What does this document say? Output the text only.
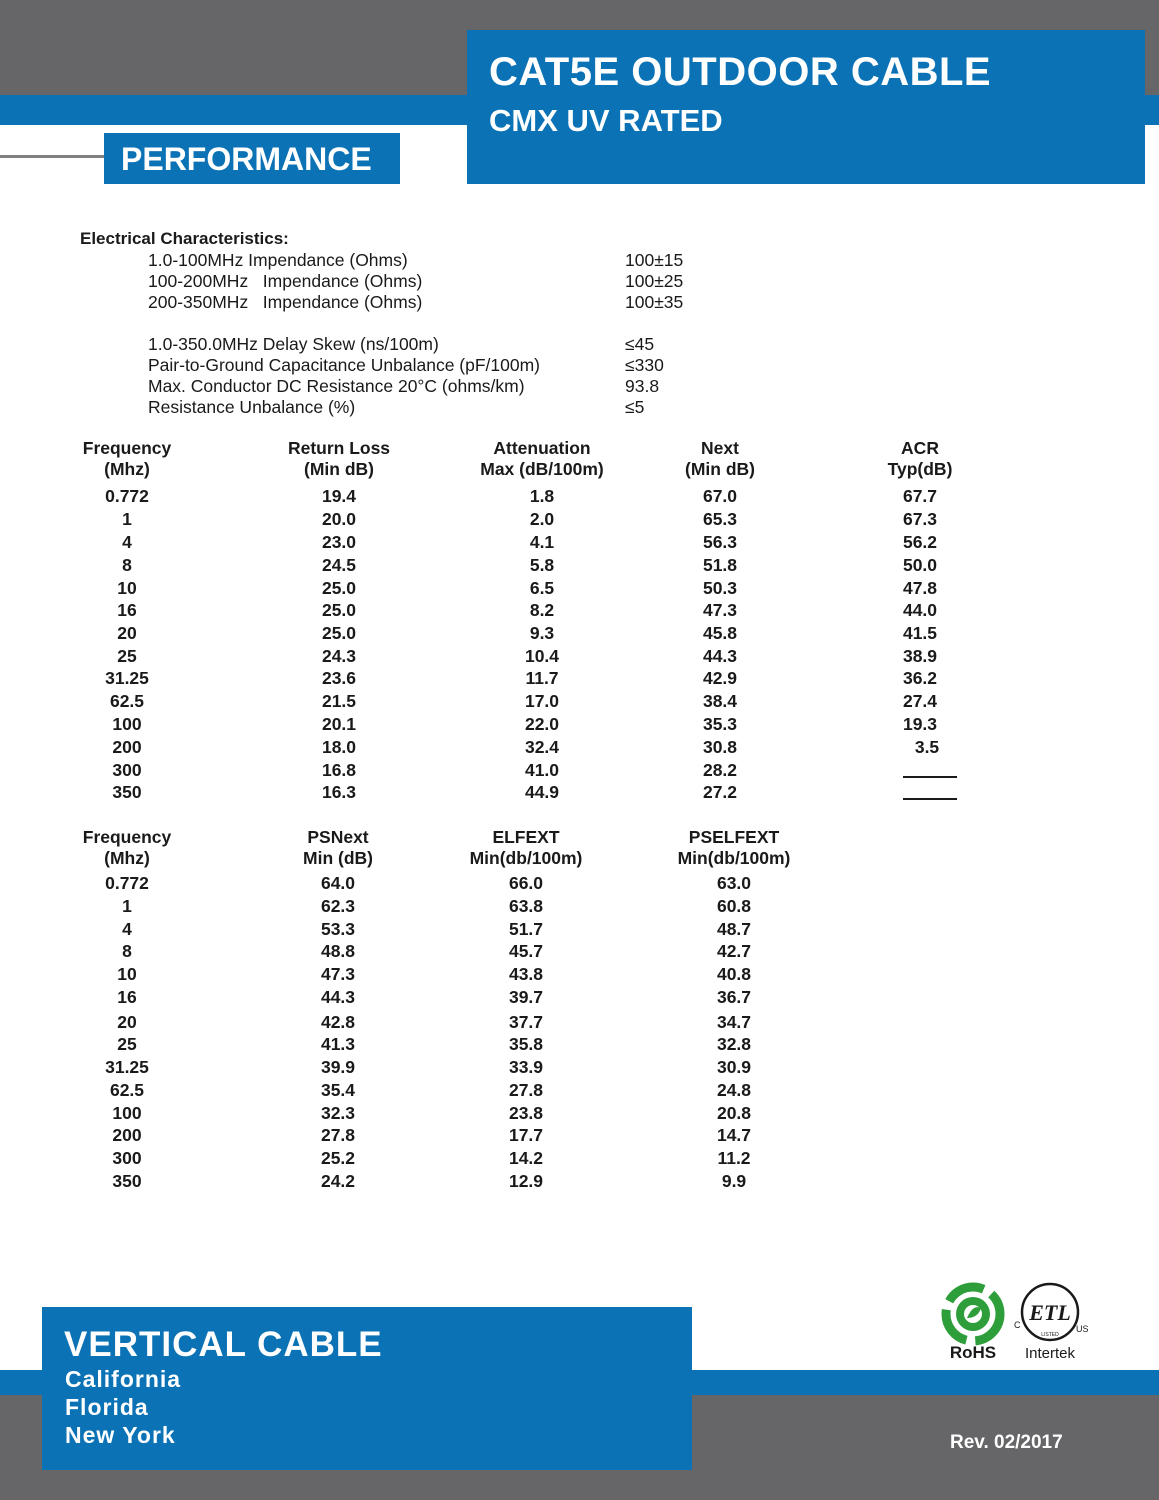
CAT5E OUTDOOR CABLE
CMX UV RATED
PERFORMANCE
Electrical Characteristics:
1.0-100MHz Impendance (Ohms)	100±15
100-200MHz   Impendance (Ohms)	100±25
200-350MHz   Impendance (Ohms)	100±35
1.0-350.0MHz Delay Skew (ns/100m)	≤45
Pair-to-Ground Capacitance Unbalance (pF/100m)	≤330
Max. Conductor DC Resistance 20°C (ohms/km)	93.8
Resistance Unbalance (%)	≤5
Frequency
(Mhz)
Return Loss
(Min dB)
Attenuation
Max (dB/100m)
Next
(Min dB)
ACR
Typ(dB)
0.772	19.4	1.8	67.0	67.7
1	20.0	2.0	65.3	67.3
4	23.0	4.1	56.3	56.2
8	24.5	5.8	51.8	50.0
10	25.0	6.5	50.3	47.8
16	25.0	8.2	47.3	44.0
20	25.0	9.3	45.8	41.5
25	24.3	10.4	44.3	38.9
31.25	23.6	11.7	42.9	36.2
62.5	21.5	17.0	38.4	27.4
100	20.1	22.0	35.3	19.3
200	18.0	32.4	30.8	3.5
300	16.8	41.0	28.2
350	16.3	44.9	27.2
Frequency
(Mhz)
PSNext
Min (dB)
ELFEXT
Min(db/100m)
PSELFEXT
Min(db/100m)
0.772	64.0	66.0	63.0
1	62.3	63.8	60.8
4	53.3	51.7	48.7
8	48.8	45.7	42.7
10	47.3	43.8	40.8
16	44.3	39.7	36.7
20	42.8	37.7	34.7
25	41.3	35.8	32.8
31.25	39.9	33.9	30.9
62.5	35.4	27.8	24.8
100	32.3	23.8	20.8
200	27.8	17.7	14.7
300	25.2	14.2	11.2
350	24.2	12.9	9.9
RoHS
ETL
C	US
LISTED
Intertek
VERTICAL CABLE
California
Florida
New York	Rev. 02/2017
